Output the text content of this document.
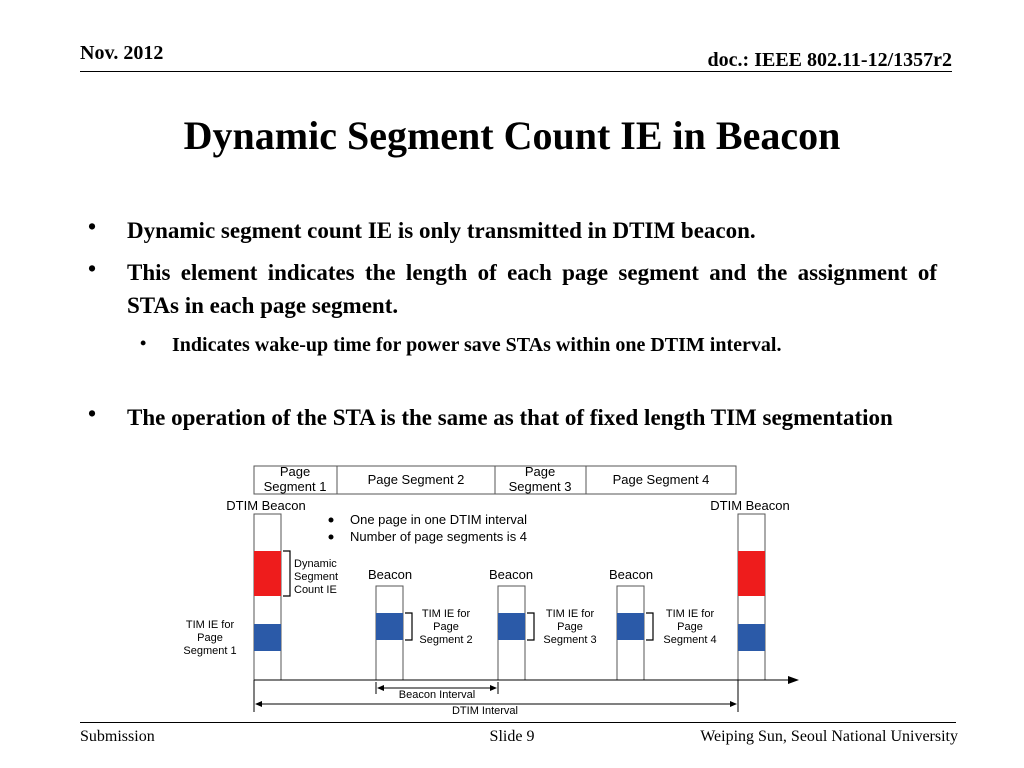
Nov. 2012	doc.: IEEE 802.11-12/1357r2
Dynamic Segment Count IE in Beacon
• Dynamic segment count IE is only transmitted in DTIM beacon.
• This element indicates the length of each page segment and the assignment of STAs in each page segment.
• Indicates wake-up time for power save STAs within one DTIM interval.
• The operation of the STA is the same as that of fixed length TIM segmentation
Page
Segment 1	Page Segment 2
Page
Segment 3	Page Segment 4
DTIM Beacon	DTIM Beacon
One page in one DTIM interval
Number of page segments is 4
Dynamic
Segment
Count IE
Beacon	Beacon	Beacon
TIM IE for
Page
Segment 1
TIM IE for
Page
Segment 2
TIM IE for
Page
Segment 3
TIM IE for
Page
Segment 4
Beacon Interval
DTIM Interval
Submission	Slide 9	Weiping Sun, Seoul National University
